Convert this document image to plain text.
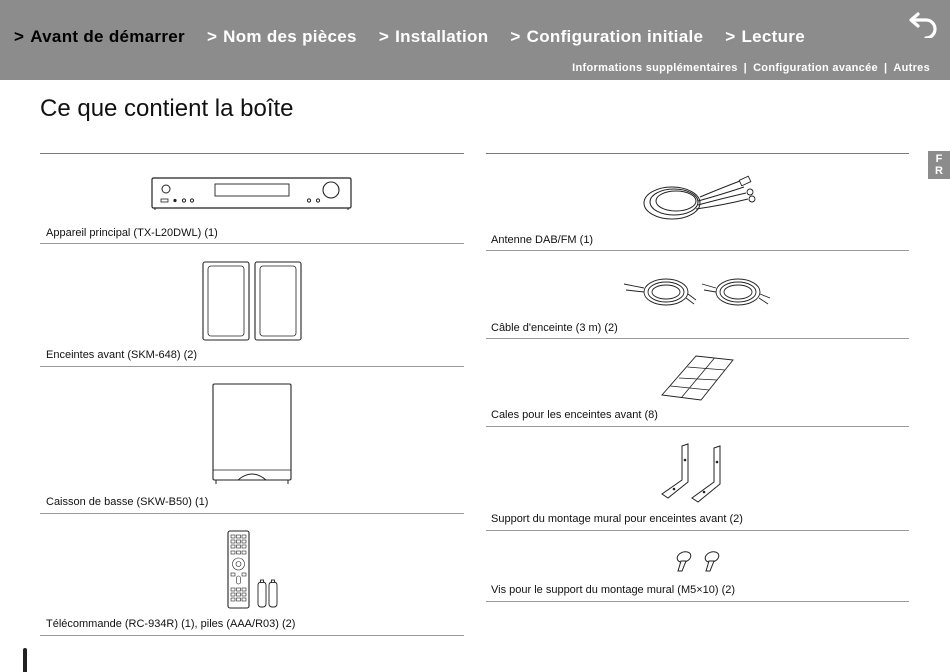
> Avant de démarrer > Nom des pièces > Installation > Configuration initiale > Lecture
Informations supplémentaires | Configuration avancée | Autres
Ce que contient la boîte
F
R
Appareil principal (TX-L20DWL) (1)
Enceintes avant (SKM-648) (2)
Caisson de basse (SKW-B50) (1)
Télécommande (RC-934R) (1), piles (AAA/R03) (2)
Antenne DAB/FM (1)
Câble d'enceinte (3 m) (2)
Cales pour les enceintes avant (8)
Support du montage mural pour enceintes avant (2)
Vis pour le support du montage mural (M5×10) (2)
